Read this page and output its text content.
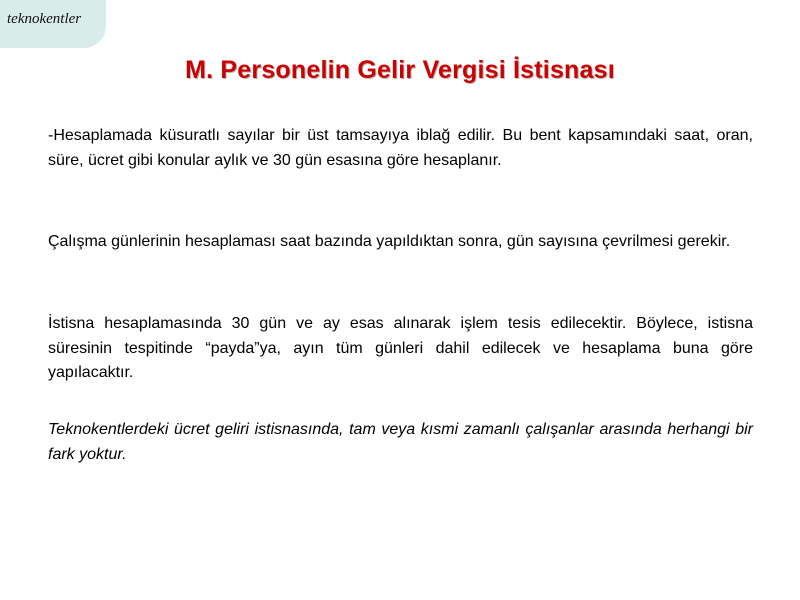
teknokentler
M. Personelin Gelir Vergisi İstisnası

-Hesaplamada küsuratlı sayılar bir üst tamsayıya iblağ edilir. Bu bent kapsamındaki saat, oran, süre, ücret gibi konular aylık ve 30 gün esasına göre hesaplanır.

Çalışma günlerinin hesaplaması saat bazında yapıldıktan sonra, gün sayısına çevrilmesi gerekir.

İstisna hesaplamasında 30 gün ve ay esas alınarak işlem tesis edilecektir. Böylece, istisna süresinin tespitinde “payda”ya, ayın tüm günleri dahil edilecek ve hesaplama buna göre yapılacaktır.

Teknokentlerdeki ücret geliri istisnasında, tam veya kısmi zamanlı çalışanlar arasında herhangi bir fark yoktur.
